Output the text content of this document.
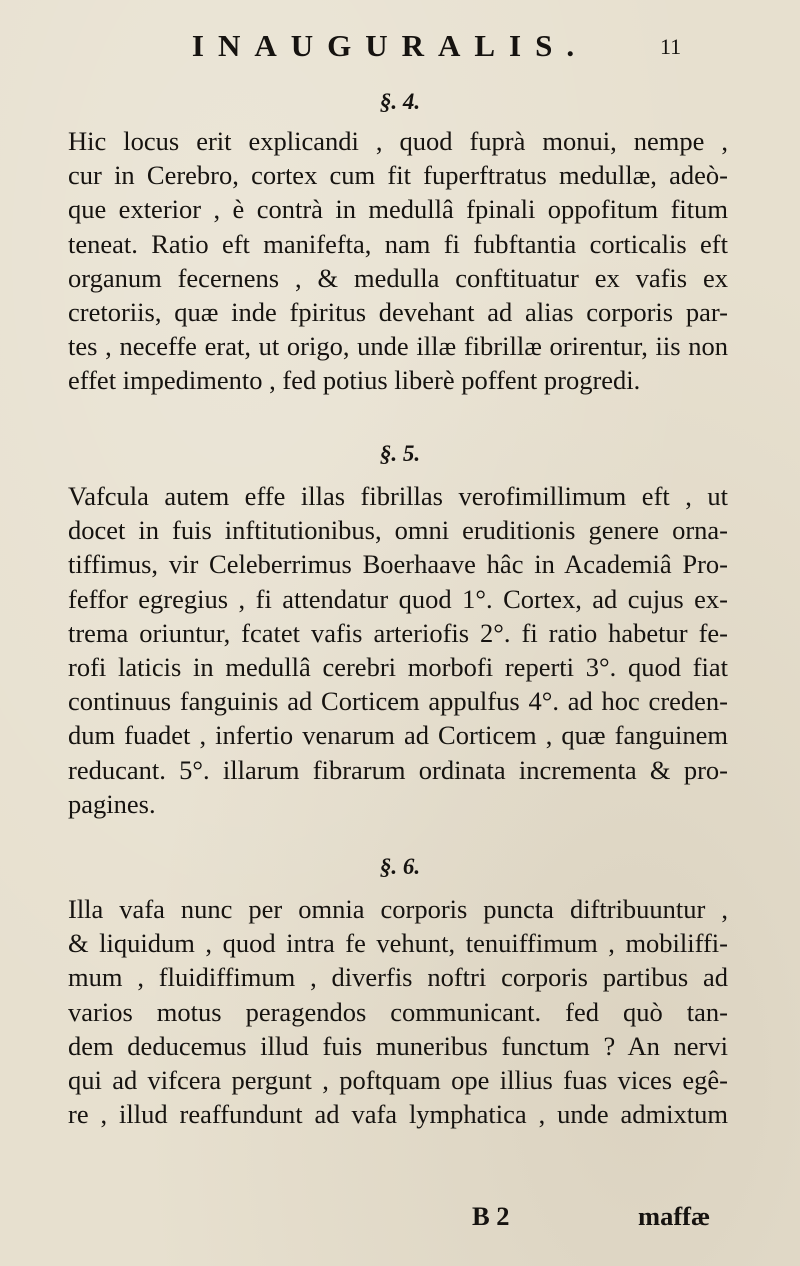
INAUGURALIS.	11
§. 4.
Hic locus erit explicandi , quod fuprà monui, nempe ,
cur in Cerebro, cortex cum fit fuperftratus medullæ, adeò-
que exterior , è contrà in medullâ fpinali oppofitum fitum
teneat. Ratio eft manifefta, nam fi fubftantia corticalis eft
organum fecernens , & medulla conftituatur ex vafis ex
cretoriis, quæ inde fpiritus devehant ad alias corporis par-
tes , neceffe erat, ut origo, unde illæ fibrillæ orirentur, iis non
effet impedimento , fed potius liberè poffent progredi.
§. 5.
Vafcula autem effe illas fibrillas verofimillimum eft , ut
docet in fuis inftitutionibus, omni eruditionis genere orna-
tiffimus, vir Celeberrimus Boerhaave hâc in Academiâ Pro-
feffor egregius , fi attendatur quod 1°. Cortex, ad cujus ex-
trema oriuntur, fcatet vafis arteriofis 2°. fi ratio habetur fe-
rofi laticis in medullâ cerebri morbofi reperti 3°. quod fiat
continuus fanguinis ad Corticem appulfus 4°. ad hoc creden-
dum fuadet , infertio venarum ad Corticem , quæ fanguinem
reducant. 5°. illarum fibrarum ordinata incrementa & pro-
pagines.
§. 6.
Illa vafa nunc per omnia corporis puncta diftribuuntur ,
& liquidum , quod intra fe vehunt, tenuiffimum , mobiliffi-
mum , fluidiffimum , diverfis noftri corporis partibus ad
varios motus peragendos communicant. fed quò tan-
dem deducemus illud fuis muneribus functum ? An nervi
qui ad vifcera pergunt , poftquam ope illius fuas vices egê-
re , illud reaffundunt ad vafa lymphatica , unde admixtum
B 2	maffæ
